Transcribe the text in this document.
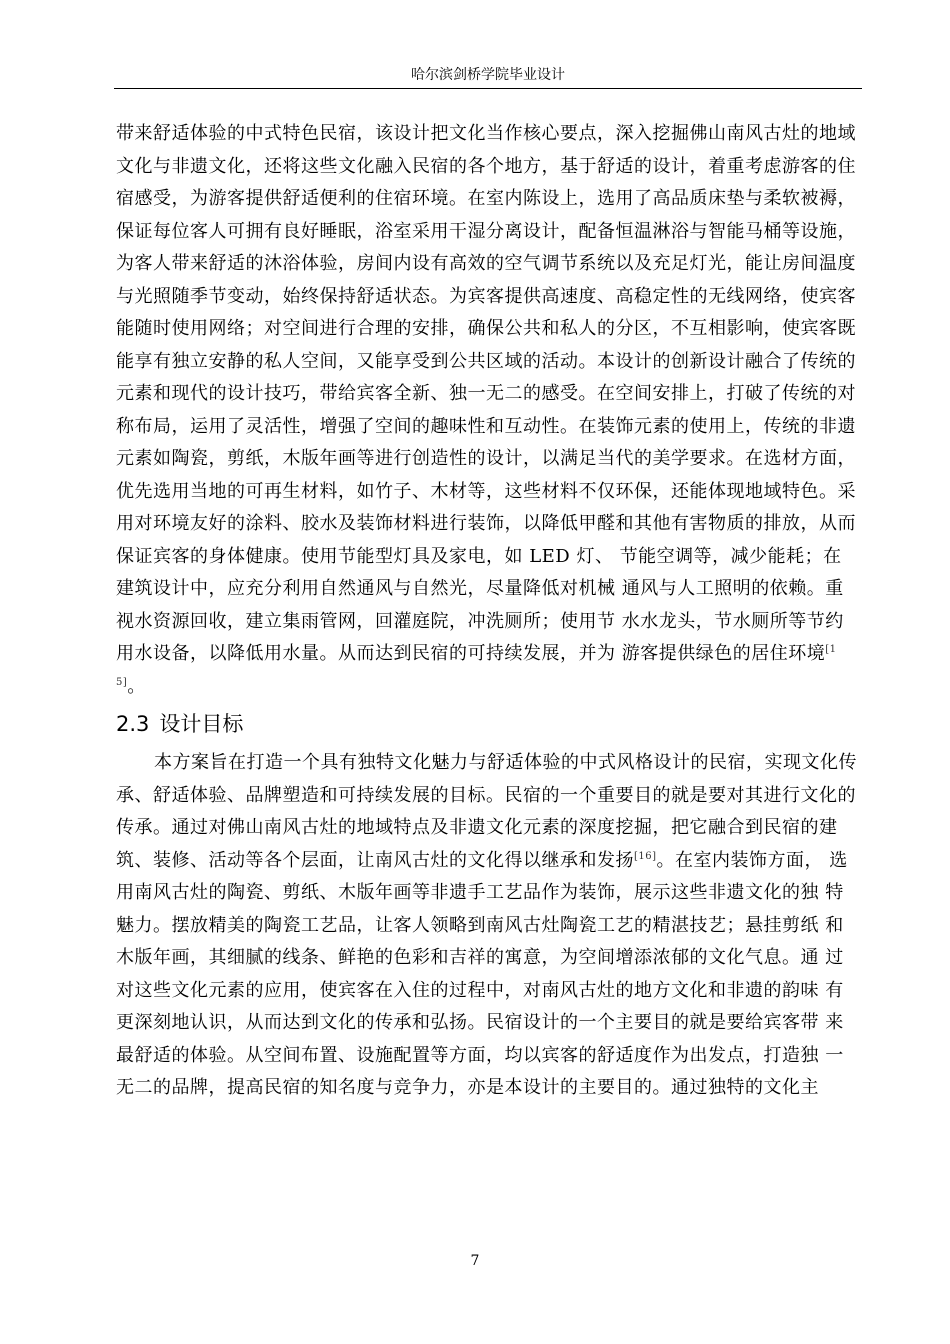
哈尔滨剑桥学院毕业设计

带来舒适体验的中式特色民宿，该设计把文化当作核心要点，深入挖掘佛山南风古灶的地域文化与非遗文化，还将这些文化融入民宿的各个地方，基于舒适的设计，着重考虑游客的住宿感受，为游客提供舒适便利的住宿环境。在室内陈设上，选用了高品质床垫与柔软被褥，保证每位客人可拥有良好睡眠，浴室采用干湿分离设计，配备恒温淋浴与智能马桶等设施，为客人带来舒适的沐浴体验，房间内设有高效的空气调节系统以及充足灯光，能让房间温度与光照随季节变动，始终保持舒适状态。为宾客提供高速度、高稳定性的无线网络，使宾客能随时使用网络；对空间进行合理的安排，确保公共和私人的分区，不互相影响，使宾客既能享有独立安静的私人空间，又能享受到公共区域的活动。本设计的创新设计融合了传统的元素和现代的设计技巧，带给宾客全新、独一无二的感受。在空间安排上，打破了传统的对称布局，运用了灵活性，增强了空间的趣味性和互动性。在装饰元素的使用上，传统的非遗元素如陶瓷，剪纸，木版年画等进行创造性的设计，以满足当代的美学要求。在选材方面，优先选用当地的可再生材料，如竹子、木材等，这些材料不仅环保，还能体现地域特色。采用对环境友好的涂料、胶水及装饰材料进行装饰，以降低甲醛和其他有害物质的排放，从而保证宾客的身体健康。使用节能型灯具及家电，如 LED 灯、 节能空调等，减少能耗；在建筑设计中，应充分利用自然通风与自然光，尽量降低对机械 通风与人工照明的依赖。重视水资源回收，建立集雨管网，回灌庭院，冲洗厕所；使用节 水水龙头，节水厕所等节约用水设备，以降低用水量。从而达到民宿的可持续发展，并为 游客提供绿色的居住环境[15]。

2.3 设计目标

本方案旨在打造一个具有独特文化魅力与舒适体验的中式风格设计的民宿，实现文化传承、舒适体验、品牌塑造和可持续发展的目标。民宿的一个重要目的就是要对其进行文化的传承。通过对佛山南风古灶的地域特点及非遗文化元素的深度挖掘，把它融合到民宿的建筑、装修、活动等各个层面，让南风古灶的文化得以继承和发扬[16]。在室内装饰方面， 选用南风古灶的陶瓷、剪纸、木版年画等非遗手工艺品作为装饰，展示这些非遗文化的独 特魅力。摆放精美的陶瓷工艺品，让客人领略到南风古灶陶瓷工艺的精湛技艺；悬挂剪纸 和木版年画，其细腻的线条、鲜艳的色彩和吉祥的寓意，为空间增添浓郁的文化气息。通 过对这些文化元素的应用，使宾客在入住的过程中，对南风古灶的地方文化和非遗的韵味 有更深刻地认识，从而达到文化的传承和弘扬。民宿设计的一个主要目的就是要给宾客带 来最舒适的体验。从空间布置、设施配置等方面，均以宾客的舒适度作为出发点，打造独 一无二的品牌，提高民宿的知名度与竞争力，亦是本设计的主要目的。通过独特的文化主

7
